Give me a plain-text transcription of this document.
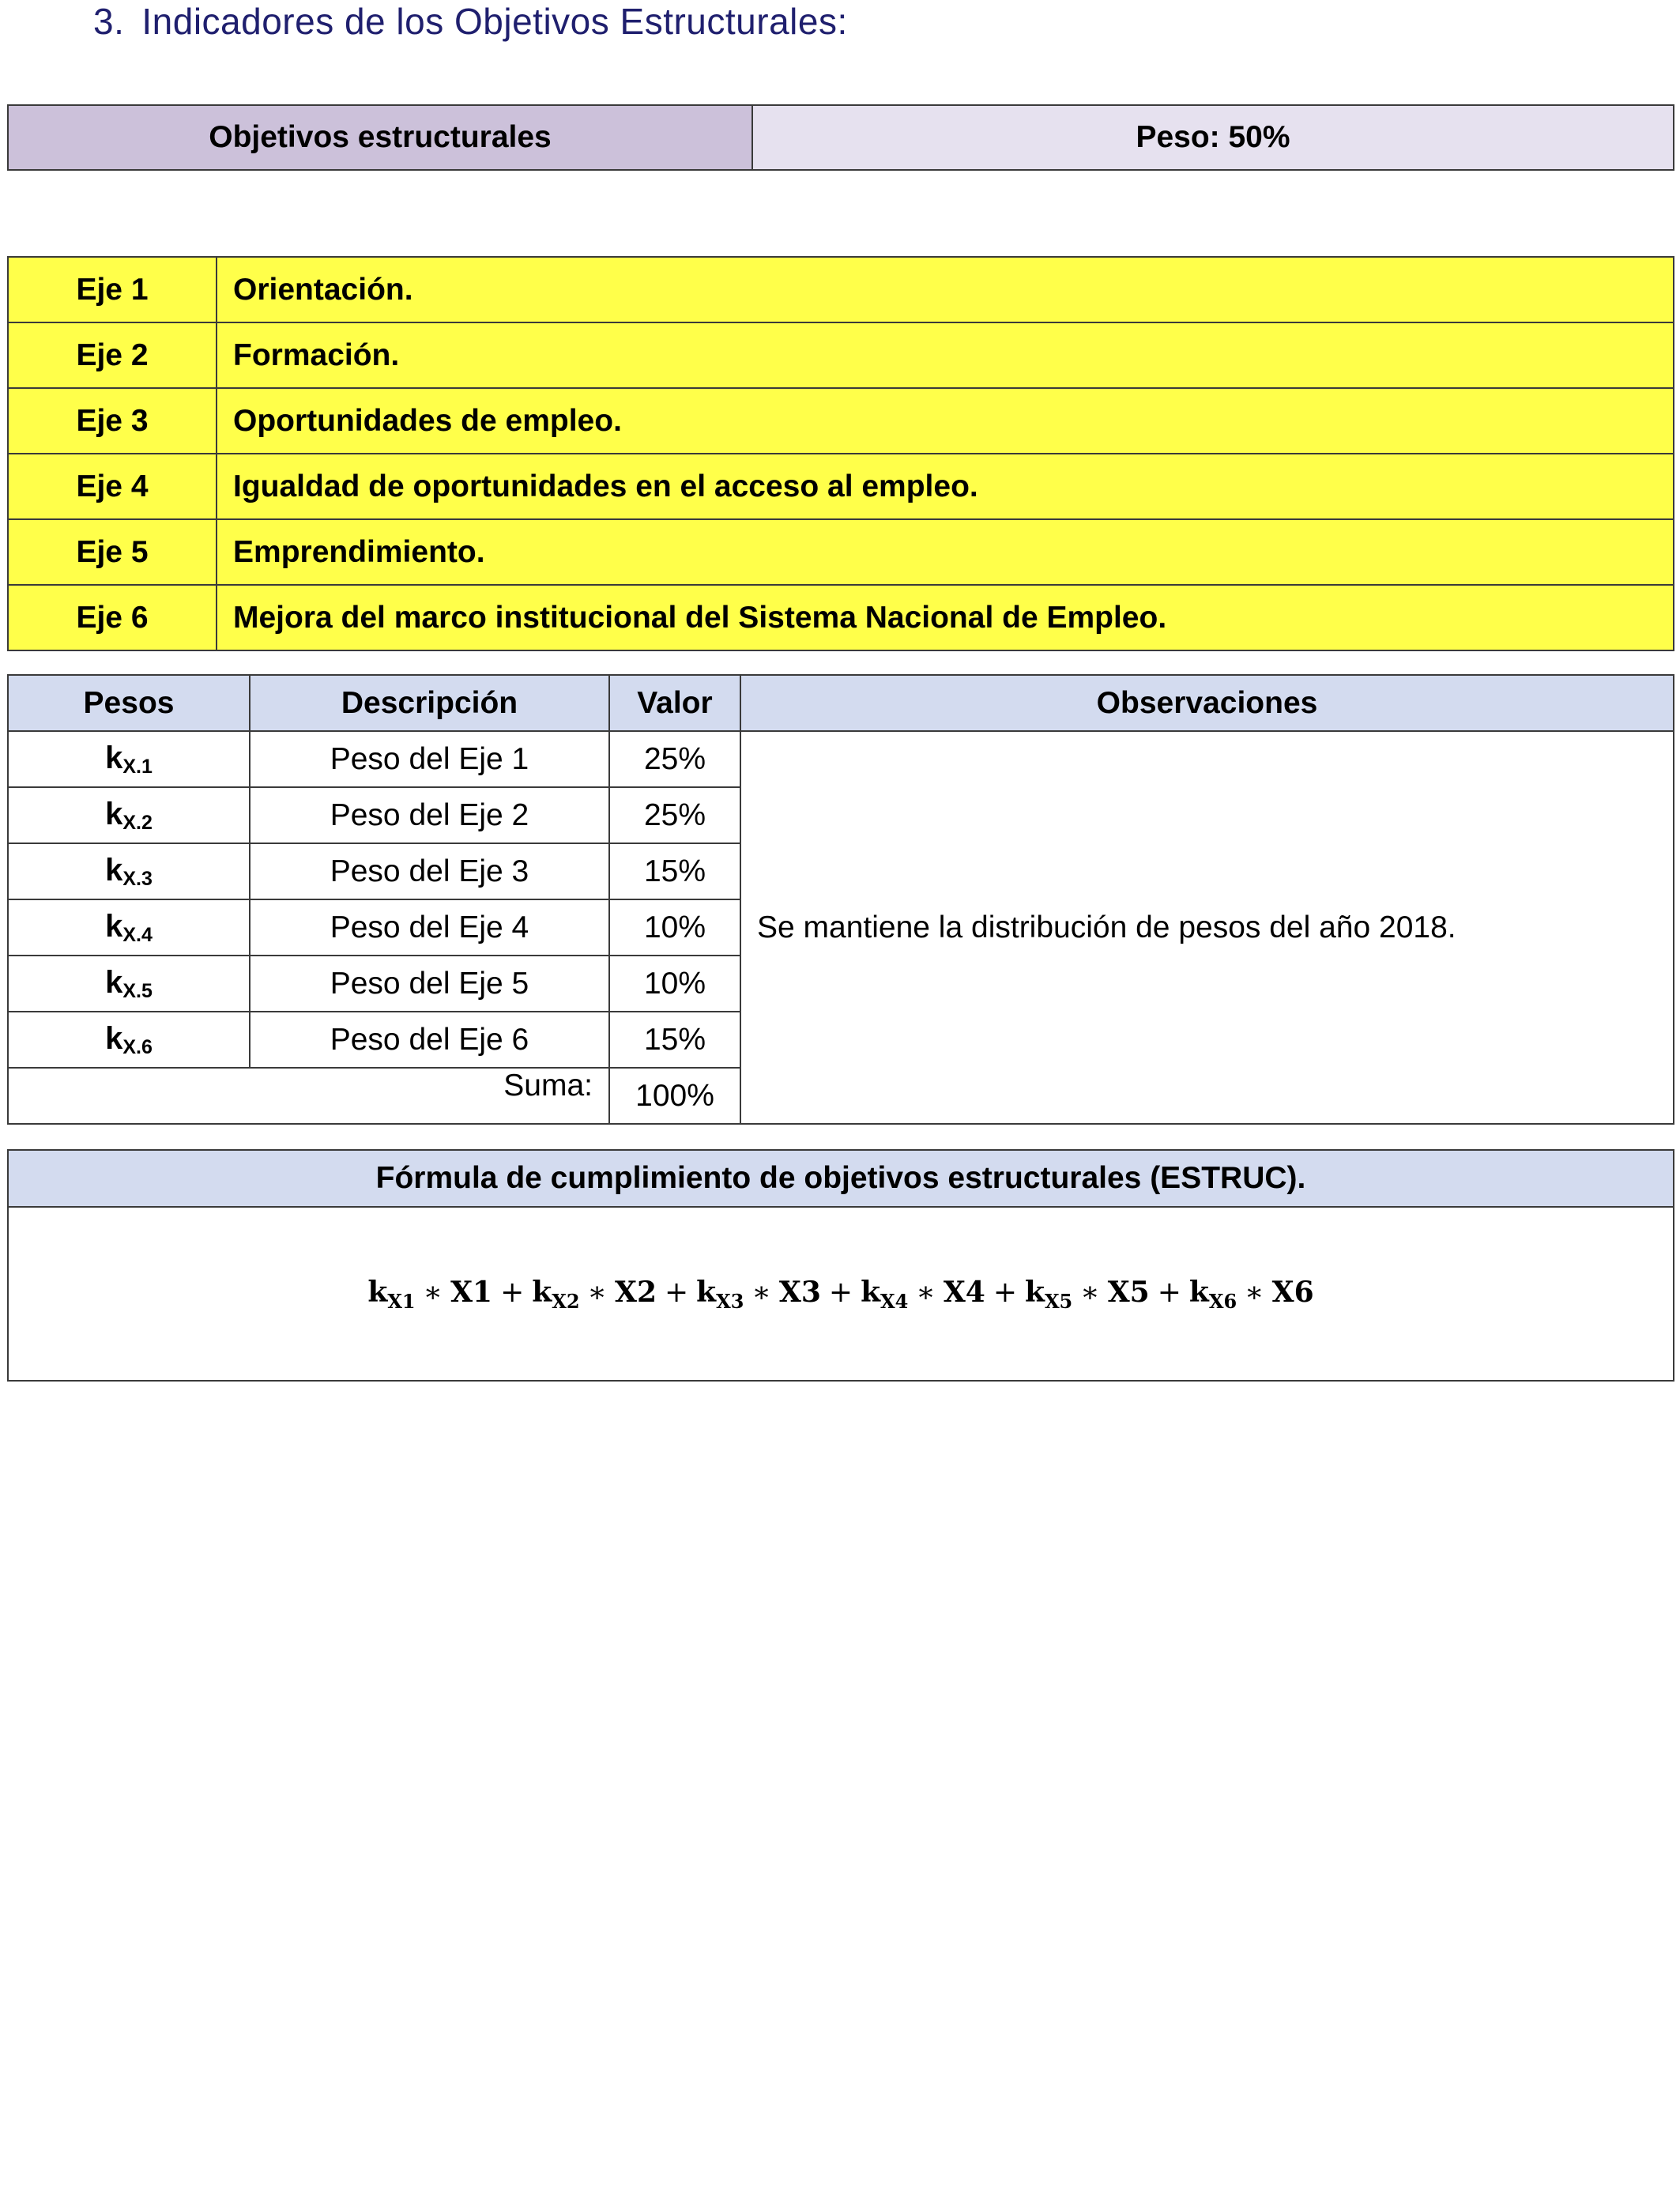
3. Indicadores de los Objetivos Estructurales:
Objetivos estructurales	Peso: 50%
Eje 1	Orientación.
Eje 2	Formación.
Eje 3	Oportunidades de empleo.
Eje 4	Igualdad de oportunidades en el acceso al empleo.
Eje 5	Emprendimiento.
Eje 6	Mejora del marco institucional del Sistema Nacional de Empleo.
Pesos	Descripción	Valor	Observaciones
$k_{X.1}$	Peso del Eje 1	25%	Se mantiene la distribución de pesos del año 2018.
$k_{X.2}$	Peso del Eje 2	25%	
$k_{X.3}$	Peso del Eje 3	15%	
$k_{X.4}$	Peso del Eje 4	10%	
$k_{X.5}$	Peso del Eje 5	10%	
$k_{X.6}$	Peso del Eje 6	15%	
Suma:		100%	
Fórmula de cumplimiento de objetivos estructurales (ESTRUC).
$k_{X1}$ ∗ $X1 + k_{X2}$ ∗ $X2 + k_{X3}$ ∗ $X3 + k_{X4}$ ∗ $X4 + k_{X5}$ ∗ $X5 + k_{X6}$ ∗ X6
